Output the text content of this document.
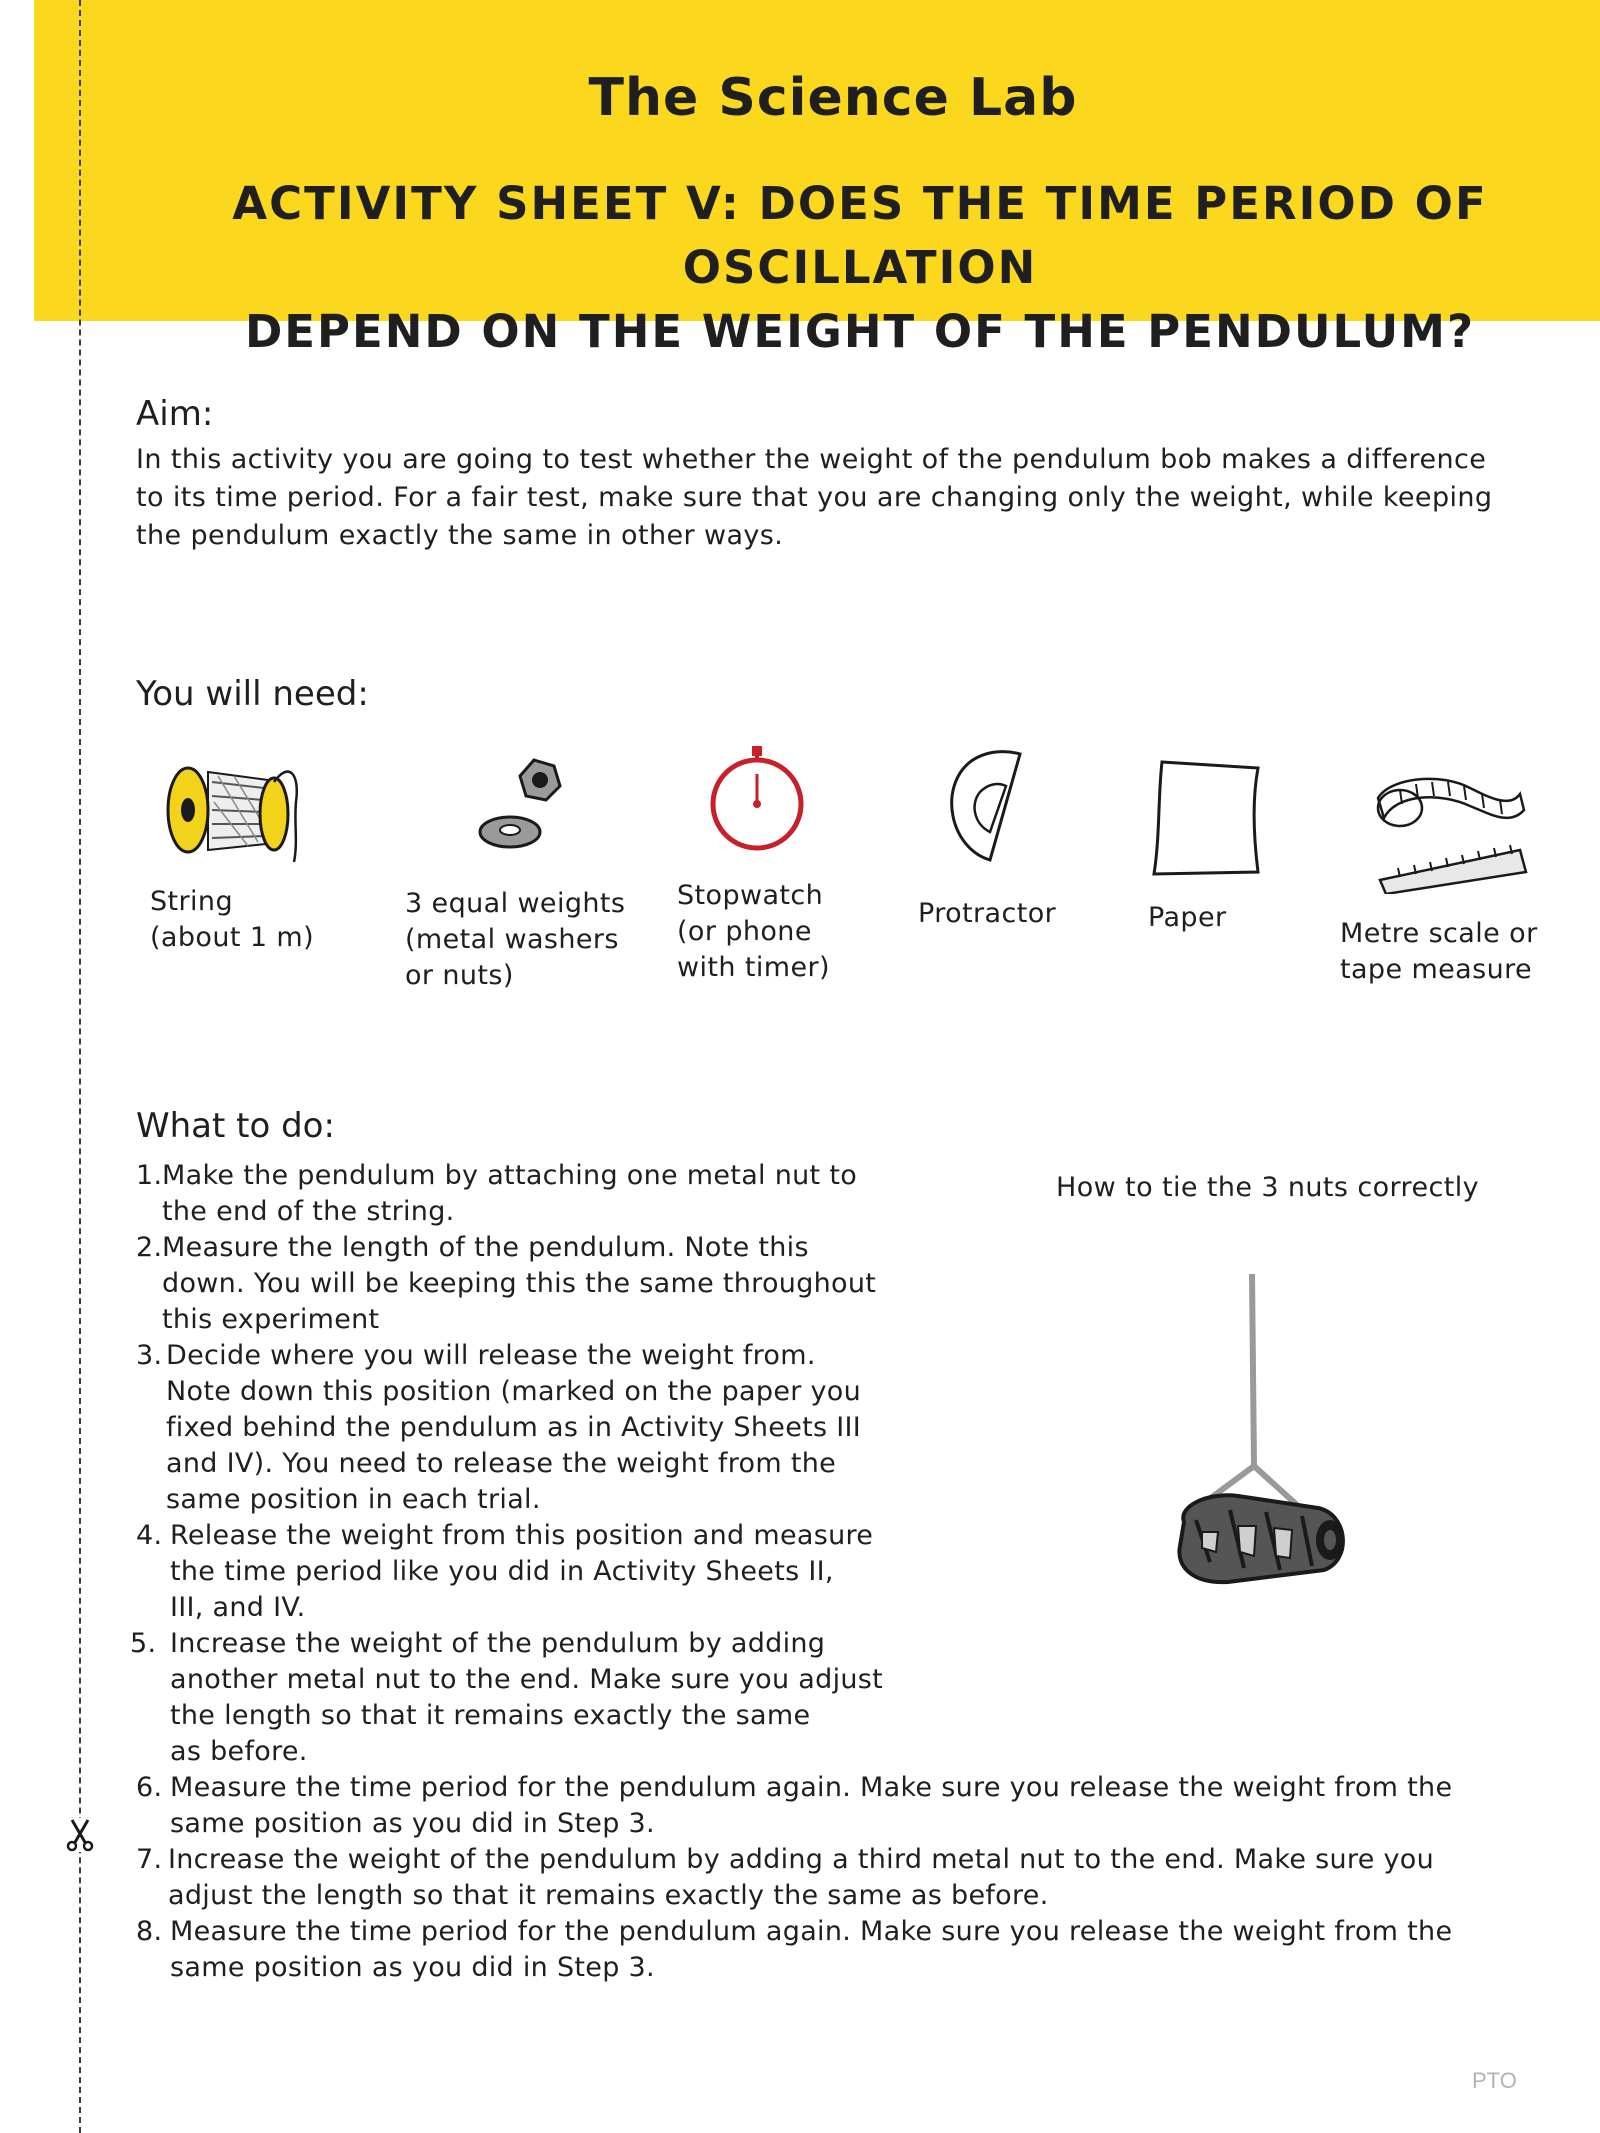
The Science Lab
ACTIVITY SHEET V: DOES THE TIME PERIOD OF OSCILLATION
DEPEND ON THE WEIGHT OF THE PENDULUM?
Aim:
In this activity you are going to test whether the weight of the pendulum bob makes a difference
to its time period. For a fair test, make sure that you are changing only the weight, while keeping
the pendulum exactly the same in other ways.
You will need:
String
(about 1 m)
3 equal weights
(metal washers
or nuts)
Stopwatch
(or phone
with timer)
Protractor	Paper
Metre scale or
tape measure
What to do:
1. Make the pendulum by attaching one metal nut to
the end of the string.
2. Measure the length of the pendulum. Note this
down. You will be keeping this the same throughout
this experiment
3. Decide where you will release the weight from.
Note down this position (marked on the paper you
fixed behind the pendulum as in Activity Sheets III
and IV). You need to release the weight from the
same position in each trial.
4. Release the weight from this position and measure
the time period like you did in Activity Sheets II,
III, and IV.
5. Increase the weight of the pendulum by adding
another metal nut to the end. Make sure you adjust
the length so that it remains exactly the same
as before.
6. Measure the time period for the pendulum again. Make sure you release the weight from the
same position as you did in Step 3.
7. Increase the weight of the pendulum by adding a third metal nut to the end. Make sure you
adjust the length so that it remains exactly the same as before.
8. Measure the time period for the pendulum again. Make sure you release the weight from the
same position as you did in Step 3.
How to tie the 3 nuts correctly
PTO
